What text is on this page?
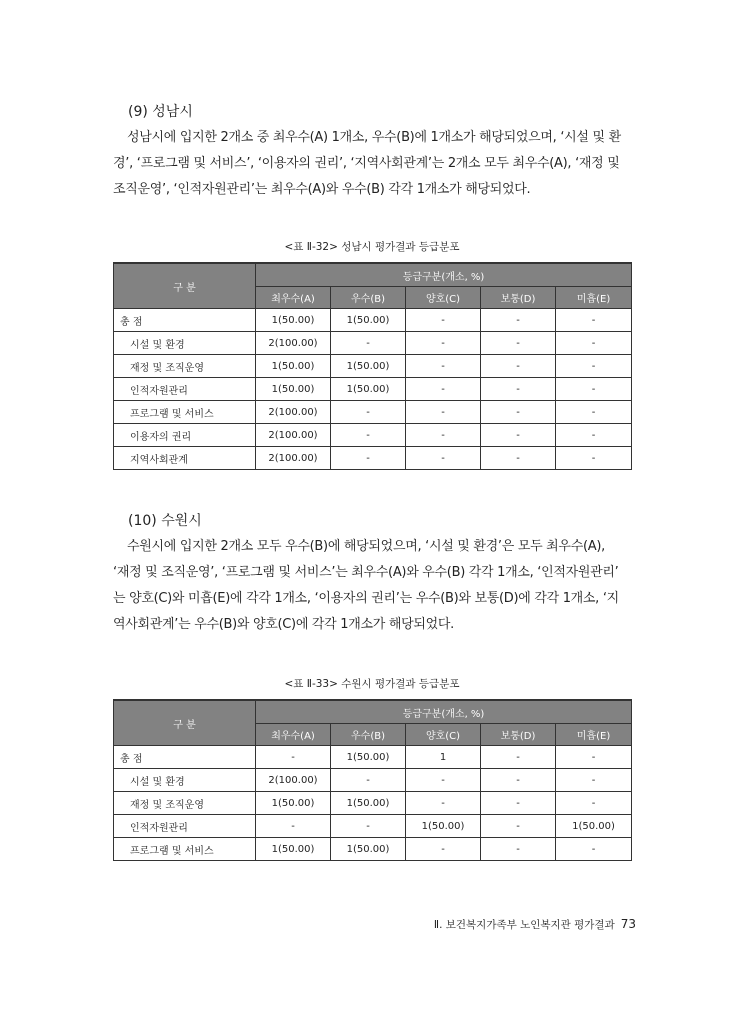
(9) 성남시
성남시에 입지한 2개소 중 최우수(A) 1개소, 우수(B)에 1개소가 해당되었으며, ‘시설 및 환
경’, ‘프로그램 및 서비스’, ‘이용자의 권리’, ‘지역사회관계’는 2개소 모두 최우수(A), ‘재정 및
조직운영’, ‘인적자원관리’는 최우수(A)와 우수(B) 각각 1개소가 해당되었다.
<표 Ⅱ-32> 성남시 평가결과 등급분포
구 분	등급구분(개소, %)				
	최우수(A)	우수(B)	양호(C)	보통(D)	미흡(E)
총 점	1(50.00)	1(50.00)	-	-	-
시설 및 환경	2(100.00)	-	-	-	-
재정 및 조직운영	1(50.00)	1(50.00)	-	-	-
인적자원관리	1(50.00)	1(50.00)	-	-	-
프로그램 및 서비스	2(100.00)	-	-	-	-
이용자의 권리	2(100.00)	-	-	-	-
지역사회관계	2(100.00)	-	-	-	-
(10) 수원시
수원시에 입지한 2개소 모두 우수(B)에 해당되었으며, ‘시설 및 환경’은 모두 최우수(A),
‘재정 및 조직운영’, ‘프로그램 및 서비스’는 최우수(A)와 우수(B) 각각 1개소, ‘인적자원관리’
는 양호(C)와 미흡(E)에 각각 1개소, ‘이용자의 권리’는 우수(B)와 보통(D)에 각각 1개소, ‘지
역사회관계’는 우수(B)와 양호(C)에 각각 1개소가 해당되었다.
<표 Ⅱ-33> 수원시 평가결과 등급분포
구 분	등급구분(개소, %)				
	최우수(A)	우수(B)	양호(C)	보통(D)	미흡(E)
총 점	-	1(50.00)	1	-	-
시설 및 환경	2(100.00)	-	-	-	-
재정 및 조직운영	1(50.00)	1(50.00)	-	-	-
인적자원관리	-	-	1(50.00)	-	1(50.00)
프로그램 및 서비스	1(50.00)	1(50.00)	-	-	-
Ⅱ. 보건복지가족부 노인복지관 평가결과 73
